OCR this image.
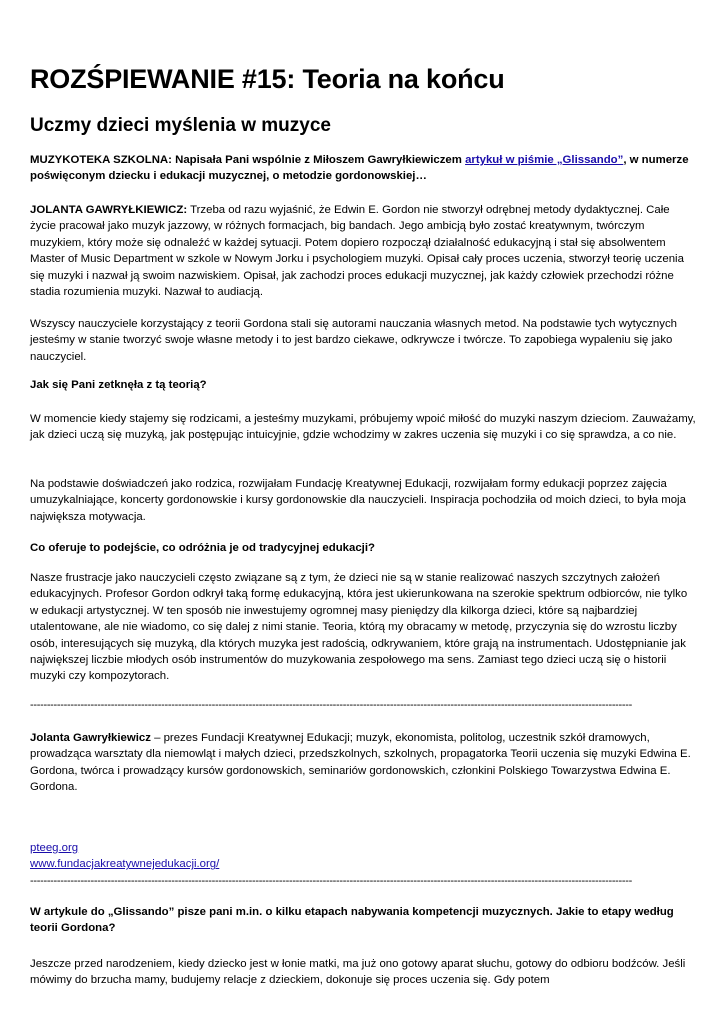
ROZŚPIEWANIE #15: Teoria na końcu
Uczmy dzieci myślenia w muzyce

MUZYKOTEKA SZKOLNA: Napisała Pani wspólnie z Miłoszem Gawryłkiewiczem artykuł w piśmie „Glissando”, w numerze poświęconym dziecku i edukacji muzycznej, o metodzie gordonowskiej…

JOLANTA GAWRYŁKIEWICZ: Trzeba od razu wyjaśnić, że Edwin E. Gordon nie stworzył odrębnej metody dydaktycznej. Całe życie pracował jako muzyk jazzowy, w różnych formacjach, big bandach. Jego ambicją było zostać kreatywnym, twórczym muzykiem, który może się odnaleźć w każdej sytuacji. Potem dopiero rozpoczął działalność edukacyjną i stał się absolwentem Master of Music Department w szkole w Nowym Jorku i psychologiem muzyki. Opisał cały proces uczenia, stworzył teorię uczenia się muzyki i nazwał ją swoim nazwiskiem. Opisał, jak zachodzi proces edukacji muzycznej, jak każdy człowiek przechodzi różne stadia rozumienia muzyki. Nazwał to audiacją.

Wszyscy nauczyciele korzystający z teorii Gordona stali się autorami nauczania własnych metod. Na podstawie tych wytycznych jesteśmy w stanie tworzyć swoje własne metody i to jest bardzo ciekawe, odkrywcze i twórcze. To zapobiega wypaleniu się jako nauczyciel.

Jak się Pani zetknęła z tą teorią?

W momencie kiedy stajemy się rodzicami, a jesteśmy muzykami, próbujemy wpoić miłość do muzyki naszym dzieciom. Zauważamy, jak dzieci uczą się muzyką, jak postępując intuicyjnie, gdzie wchodzimy w zakres uczenia się muzyki i co się sprawdza, a co nie.

Na podstawie doświadczeń jako rodzica, rozwijałam Fundację Kreatywnej Edukacji, rozwijałam formy edukacji poprzez zajęcia umuzykalniające, koncerty gordonowskie i kursy gordonowskie dla nauczycieli. Inspiracja pochodziła od moich dzieci, to była moja największa motywacja.

Co oferuje to podejście, co odróżnia je od tradycyjnej edukacji?

Nasze frustracje jako nauczycieli często związane są z tym, że dzieci nie są w stanie realizować naszych szczytnych założeń edukacyjnych. Profesor Gordon odkrył taką formę edukacyjną, która jest ukierunkowana na szerokie spektrum odbiorców, nie tylko w edukacji artystycznej. W ten sposób nie inwestujemy ogromnej masy pieniędzy dla kilkorga dzieci, które są najbardziej utalentowane, ale nie wiadomo, co się dalej z nimi stanie. Teoria, którą my obracamy w metodę, przyczynia się do wzrostu liczby osób, interesujących się muzyką, dla których muzyka jest radością, odkrywaniem, które grają na instrumentach. Udostępnianie jak największej liczbie młodych osób instrumentów do muzykowania zespołowego ma sens. Zamiast tego dzieci uczą się o historii muzyki czy kompozytorach.

-----------------------------------------------------------------------------------------------------------------------------------------------------------------------------------

Jolanta Gawryłkiewicz – prezes Fundacji Kreatywnej Edukacji; muzyk, ekonomista, politolog, uczestnik szkół dramowych, prowadząca warsztaty dla niemowląt i małych dzieci, przedszkolnych, szkolnych, propagatorka Teorii uczenia się muzyki Edwina E. Gordona, twórca i prowadzący kursów gordonowskich, seminariów gordonowskich, członkini Polskiego Towarzystwa Edwina E. Gordona.

pteeg.org
www.fundacjakreatywnejedukacji.org/

-----------------------------------------------------------------------------------------------------------------------------------------------------------------------------------

W artykule do „Glissando” pisze pani m.in. o kilku etapach nabywania kompetencji muzycznych. Jakie to etapy według teorii Gordona?

Jeszcze przed narodzeniem, kiedy dziecko jest w łonie matki, ma już ono gotowy aparat słuchu, gotowy do odbioru bodźców. Jeśli mówimy do brzucha mamy, budujemy relacje z dzieckiem, dokonuje się proces uczenia się. Gdy potem
